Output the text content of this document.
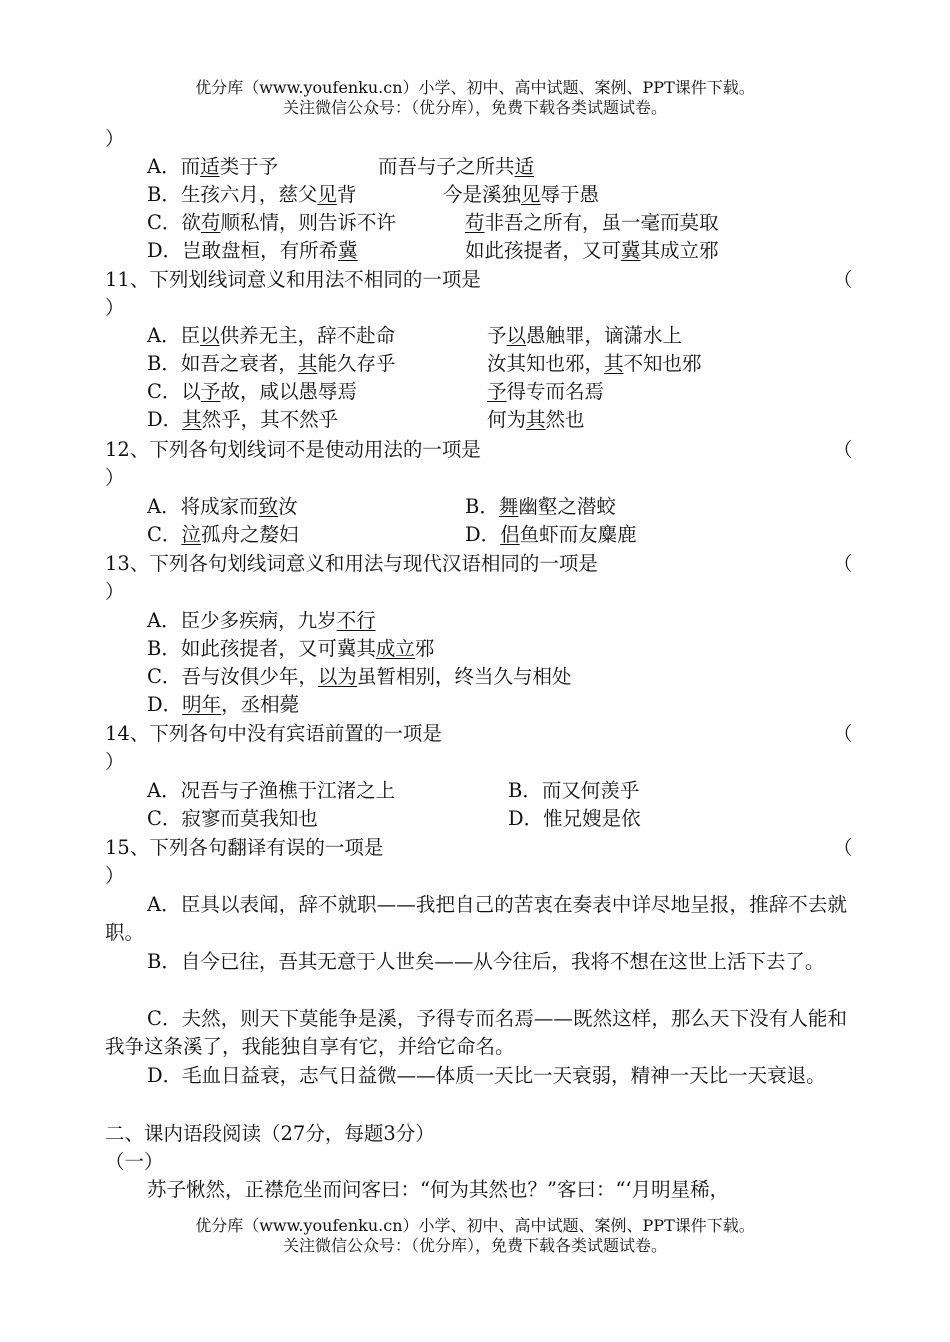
优分库（www.youfenku.cn）小学、初中、高中试题、案例、PPT课件下载。
关注微信公众号：（优分库），免费下载各类试题试卷。
）
A．而适类于予	而吾与子之所共适
B．生孩六月，慈父见背	今是溪独见辱于愚
C．欲苟顺私情，则告诉不许	苟非吾之所有，虽一毫而莫取
D．岂敢盘桓，有所希冀	如此孩提者，又可冀其成立邪
11、下列划线词意义和用法不相同的一项是	（
）
A．臣以供养无主，辞不赴命	予以愚触罪，谪潇水上
B．如吾之衰者，其能久存乎	汝其知也邪，其不知也邪
C．以予故，咸以愚辱焉	予得专而名焉
D．其然乎，其不然乎	何为其然也
12、下列各句划线词不是使动用法的一项是	（
）
A．将成家而致汝	B．舞幽壑之潜蛟
C．泣孤舟之嫠妇	D．侣鱼虾而友麋鹿
13、下列各句划线词意义和用法与现代汉语相同的一项是	（
）
A．臣少多疾病，九岁不行
B．如此孩提者，又可冀其成立邪
C．吾与汝俱少年，以为虽暂相别，终当久与相处
D．明年，丞相薨
14、下列各句中没有宾语前置的一项是	（
）
A．况吾与子渔樵于江渚之上	B．而又何羡乎
C．寂寥而莫我知也	D．惟兄嫂是依
15、下列各句翻译有误的一项是	（
）
A．臣具以表闻，辞不就职——我把自己的苦衷在奏表中详尽地呈报，推辞不去就职。
B．自今已往，吾其无意于人世矣——从今往后，我将不想在这世上活下去了。
C．夫然，则天下莫能争是溪，予得专而名焉——既然这样，那么天下没有人能和我争这条溪了，我能独自享有它，并给它命名。
D．毛血日益衰，志气日益微——体质一天比一天衰弱，精神一天比一天衰退。
二、课内语段阅读（27分，每题3分）
（一）
苏子愀然，正襟危坐而问客曰：“何为其然也？”客曰：“‘月明星稀，
优分库（www.youfenku.cn）小学、初中、高中试题、案例、PPT课件下载。
关注微信公众号：（优分库），免费下载各类试题试卷。
